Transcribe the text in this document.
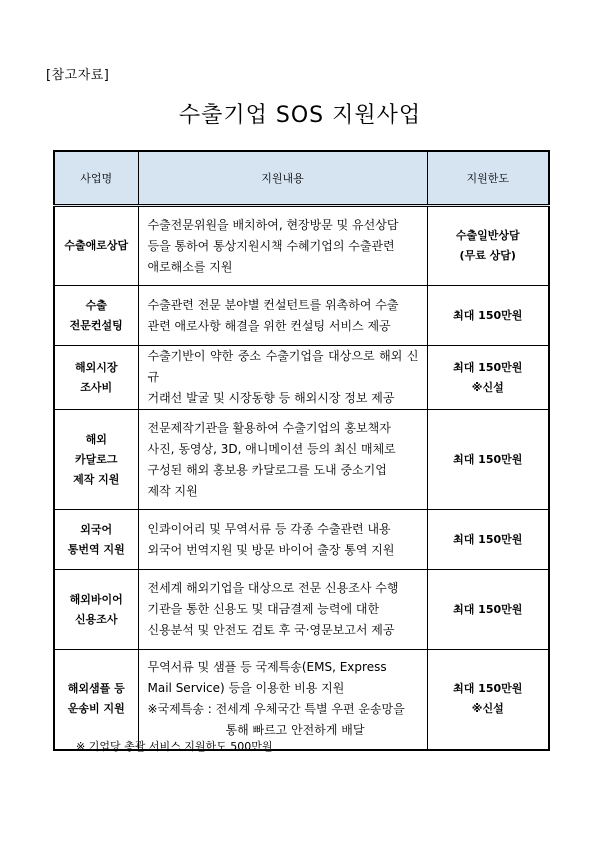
[참고자료]
수출기업 SOS 지원사업
사업명	지원내용	지원한도

수출애로상담	수출전문위원을 배치하여, 현장방문 및 유선상담
등을 통하여 통상지원시책 수혜기업의 수출관련
애로해소를 지원	수출일반상담
(무료 상담)

수출
전문컨설팅	수출관련 전문 분야별 컨설턴트를 위촉하여 수출
관련 애로사항 해결을 위한 컨설팅 서비스 제공	최대 150만원

해외시장
조사비	수출기반이 약한 중소 수출기업을 대상으로 해외 신규
거래선 발굴 및 시장동향 등 해외시장 정보 제공	최대 150만원
※신설

해외
카달로그
제작 지원	전문제작기관을 활용하여 수출기업의 홍보책자
사진, 동영상, 3D, 애니메이션 등의 최신 매체로
구성된 해외 홍보용 카달로그를 도내 중소기업
제작 지원	최대 150만원

외국어
통번역 지원	인콰이어리 및 무역서류 등 각종 수출관련 내용
외국어 번역지원 및 방문 바이어 출장 통역 지원	최대 150만원

해외바이어
신용조사	전세계 해외기업을 대상으로 전문 신용조사 수행
기관을 통한 신용도 및 대금결제 능력에 대한
신용분석 및 안전도 검토 후 국·영문보고서 제공	최대 150만원

해외샘플 등
운송비 지원	무역서류 및 샘플 등 국제특송(EMS, Express
Mail Service) 등을 이용한 비용 지원
※국제특송 : 전세계 우체국간 특별 우편 운송망을
통해 빠르고 안전하게 배달	최대 150만원
※신설
※ 기업당 총괄 서비스 지원한도 500만원
